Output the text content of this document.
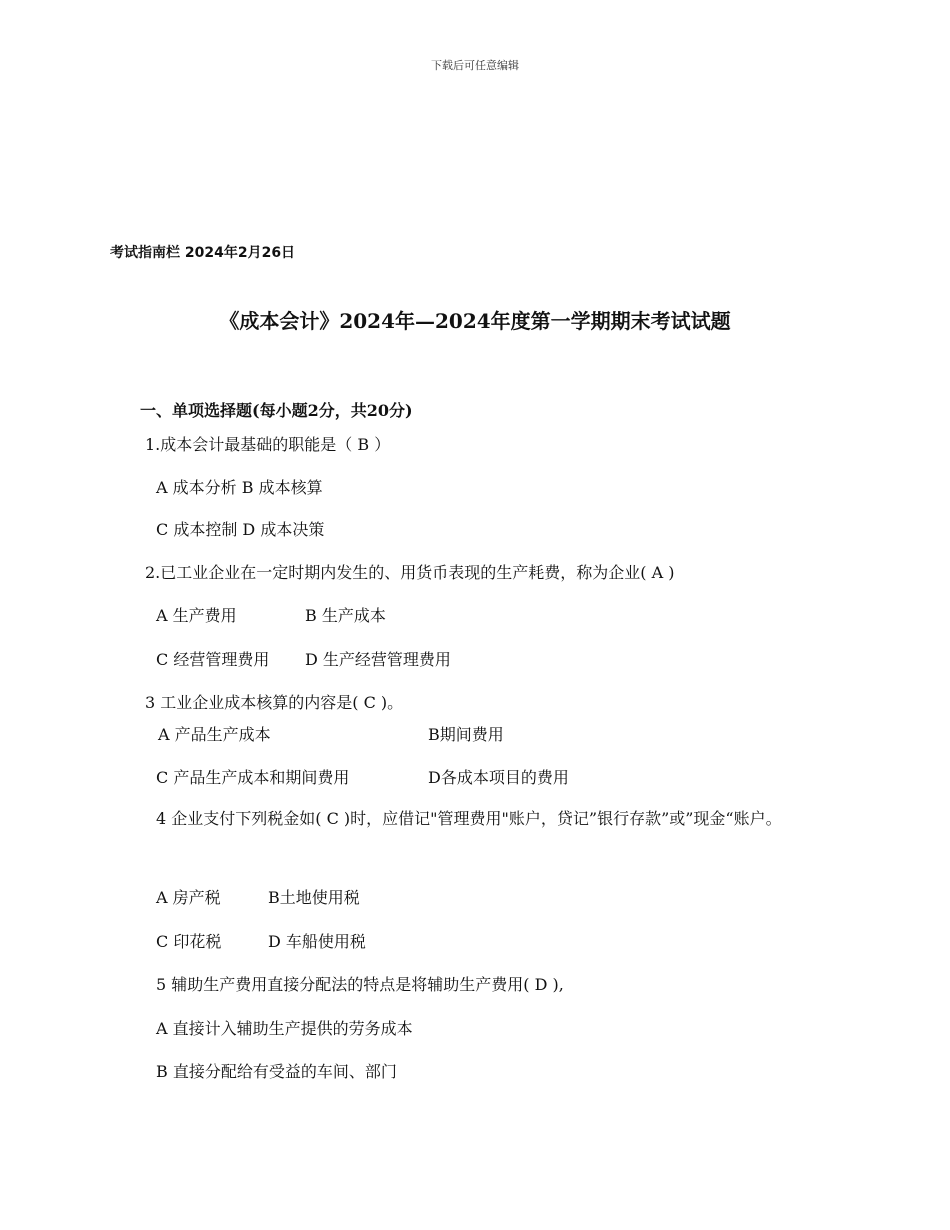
下载后可任意编辑
考试指南栏 2024年2月26日
《成本会计》2024年—2024年度第一学期期末考试试题
一、单项选择题(每小题2分，共20分)
1.成本会计最基础的职能是（ B ）
A 成本分析 B 成本核算
C 成本控制 D 成本决策
2.已工业企业在一定时期内发生的、用货币表现的生产耗费，称为企业( A )
A 生产费用	B 生产成本
C 经营管理费用 D 生产经营管理费用
3 工业企业成本核算的内容是( C )。
A 产品生产成本	B期间费用
C 产品生产成本和期间费用	D各成本项目的费用
4 企业支付下列税金如( C )时，应借记"管理费用"账户，贷记”银行存款”或”现金“账户。
A 房产税	B土地使用税
C 印花税	D 车船使用税
5 辅助生产费用直接分配法的特点是将辅助生产费用( D ),
A 直接计入辅助生产提供的劳务成本
B 直接分配给有受益的车间、部门
